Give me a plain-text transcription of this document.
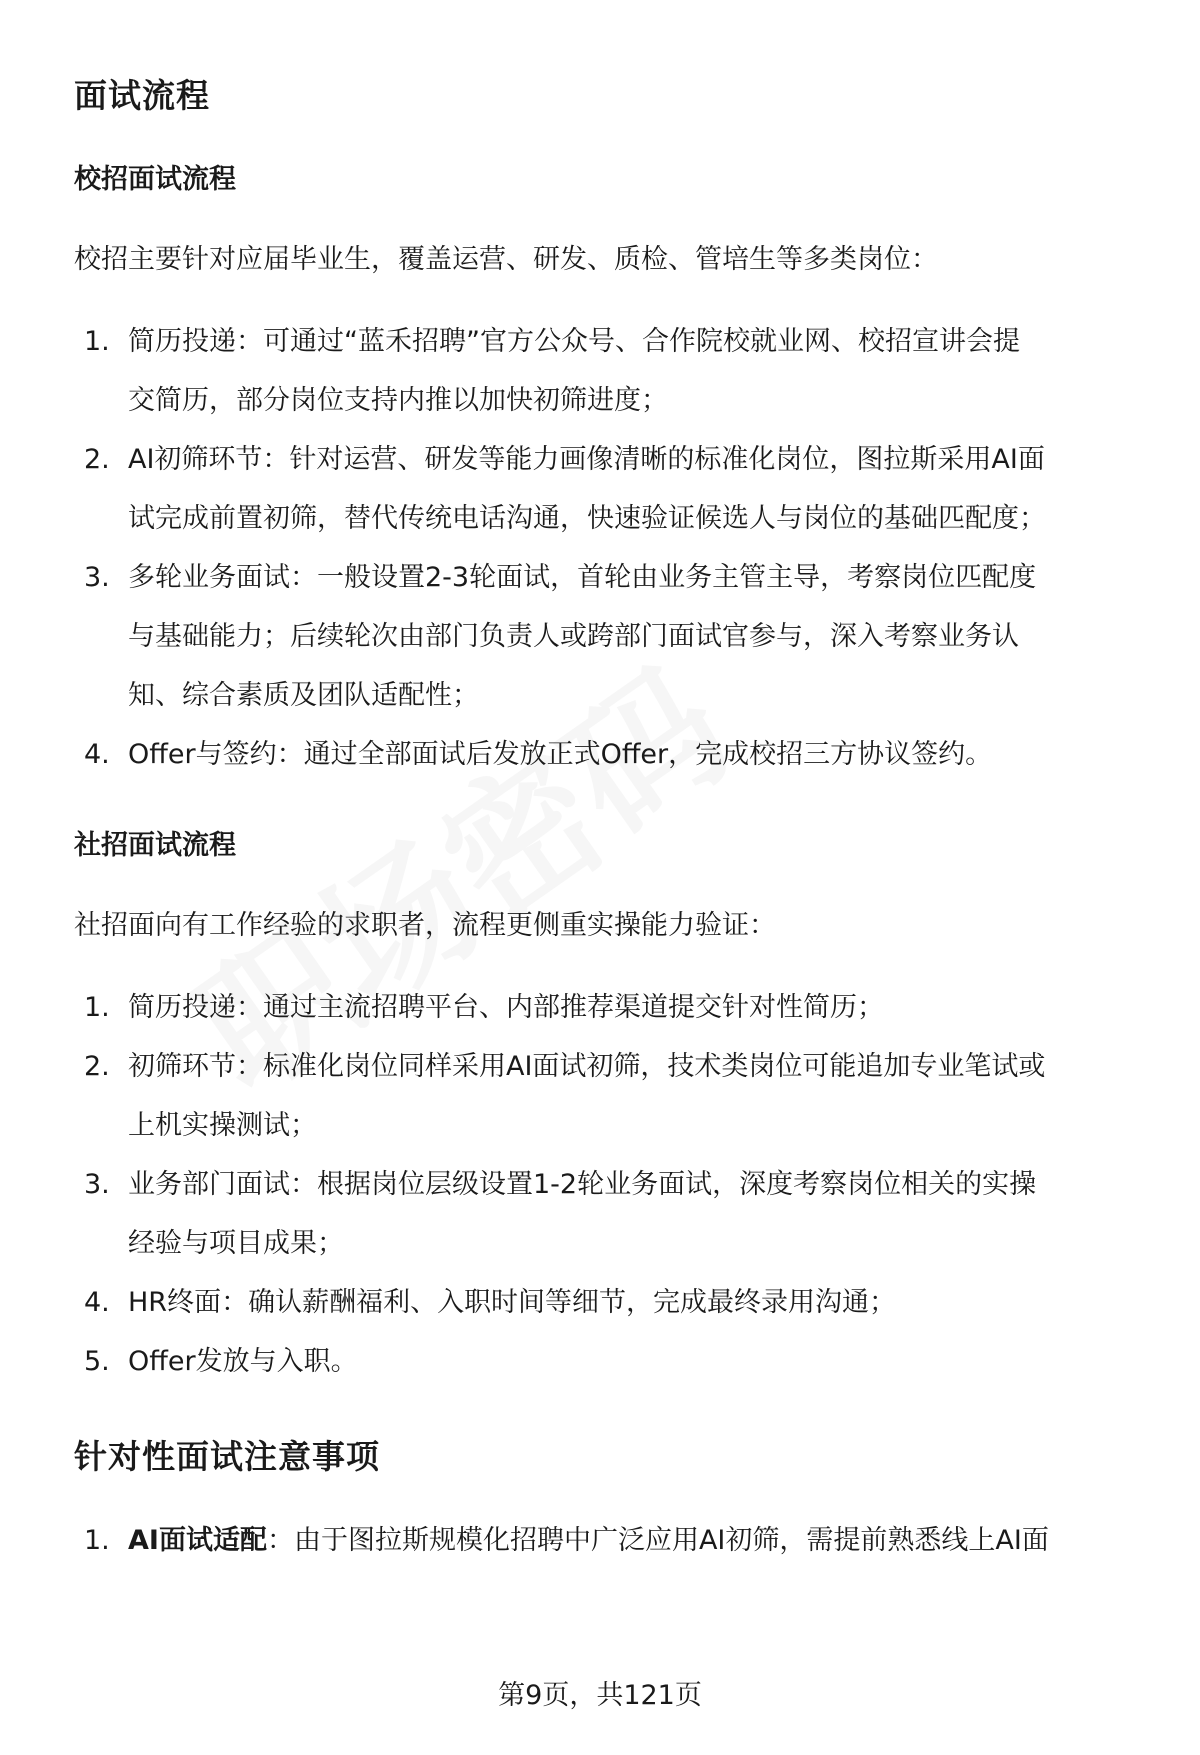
面试流程
校招面试流程
校招主要针对应届毕业生，覆盖运营、研发、质检、管培生等多类岗位：
1. 简历投递：可通过“蓝禾招聘”官方公众号、合作院校就业网、校招宣讲会提
交简历，部分岗位支持内推以加快初筛进度；
2. AI初筛环节：针对运营、研发等能力画像清晰的标准化岗位，图拉斯采用AI面
试完成前置初筛，替代传统电话沟通，快速验证候选人与岗位的基础匹配度；
3. 多轮业务面试：一般设置2-3轮面试，首轮由业务主管主导，考察岗位匹配度
与基础能力；后续轮次由部门负责人或跨部门面试官参与，深入考察业务认
知、综合素质及团队适配性；
4. Offer与签约：通过全部面试后发放正式Offer，完成校招三方协议签约。
社招面试流程
社招面向有工作经验的求职者，流程更侧重实操能力验证：
1. 简历投递：通过主流招聘平台、内部推荐渠道提交针对性简历；
2. 初筛环节：标准化岗位同样采用AI面试初筛，技术类岗位可能追加专业笔试或
上机实操测试；
3. 业务部门面试：根据岗位层级设置1-2轮业务面试，深度考察岗位相关的实操
经验与项目成果；
4. HR终面：确认薪酬福利、入职时间等细节，完成最终录用沟通；
5. Offer发放与入职。
针对性面试注意事项
1. AI面试适配：由于图拉斯规模化招聘中广泛应用AI初筛，需提前熟悉线上AI面
第9页，共121页
